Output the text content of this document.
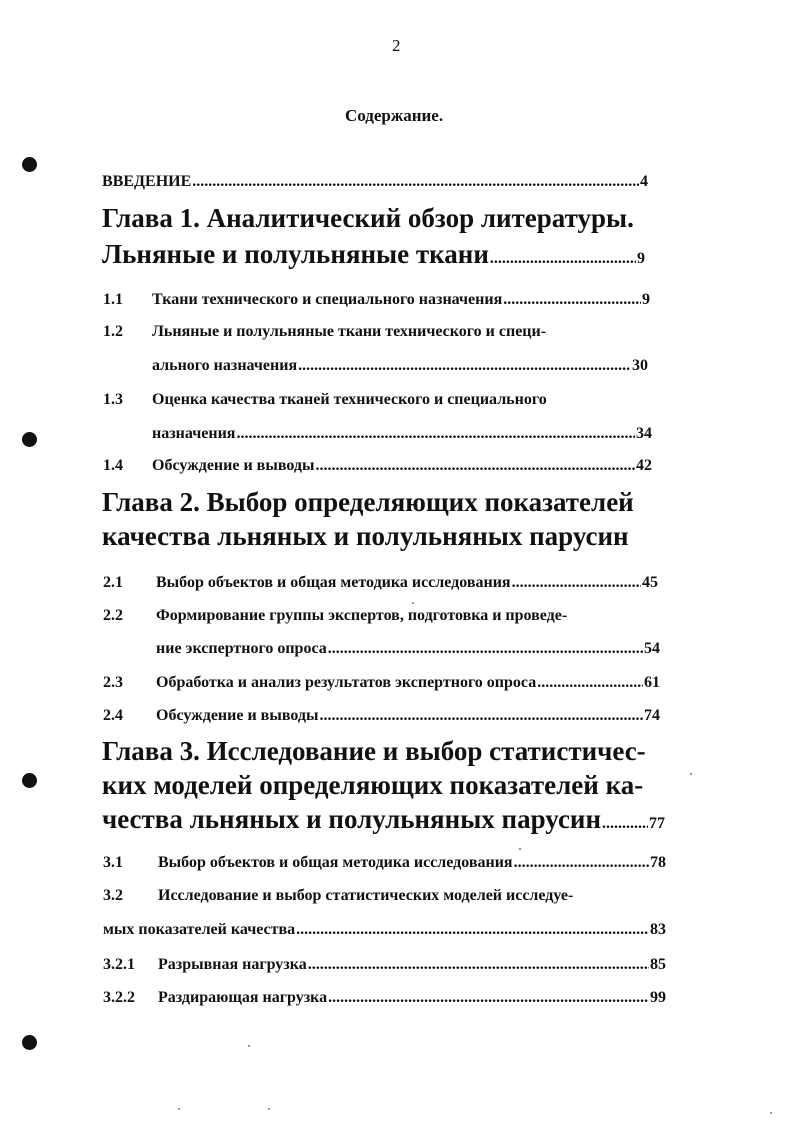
2
Содержание.
ВВЕДЕНИЕ .....	4
Глава 1. Аналитический обзор литературы.
Льняные и полульняные ткани .....	9
1.1 Ткани технического и специального назначения .....	9
1.2 Льняные и полульняные ткани технического и специ-
ального назначения .....	30
1.3 Оценка качества тканей технического и специального
назначения .....	34
1.4 Обсуждение и выводы .....	42
Глава 2. Выбор определяющих показателей
качества льняных и полульняных парусин
2.1 Выбор объектов и общая методика исследования .....	45
2.2 Формирование группы экспертов, подготовка и проведе-
ние экспертного опроса .....	54
2.3 Обработка и анализ результатов экспертного опроса .....	61
2.4 Обсуждение и выводы .....	74
Глава 3. Исследование и выбор статистичес-
ких моделей определяющих показателей ка-
чества льняных и полульняных парусин .....	77
3.1 Выбор объектов и общая методика исследования .....	78
3.2 Исследование и выбор статистических моделей исследуе-
мых показателей качества .....	83
3.2.1 Разрывная нагрузка .....	85
3.2.2 Раздирающая нагрузка .....	99
